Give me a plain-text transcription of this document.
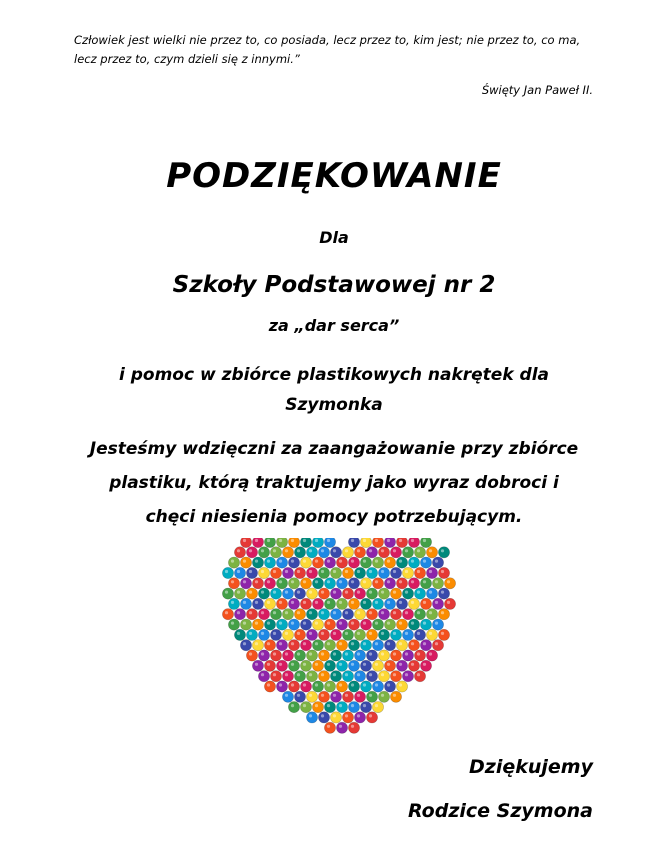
Człowiek jest wielki nie przez to, co posiada, lecz przez to, kim jest; nie przez to, co ma,
lecz przez to, czym dzieli się z innymi.”
Święty Jan Paweł II.
PODZIĘKOWANIE
Dla
Szkoły Podstawowej nr 2
za „dar serca”
i pomoc w zbiórce plastikowych nakrętek dla
Szymonka
Jesteśmy wdzięczni za zaangażowanie przy zbiórce
plastiku, którą traktujemy jako wyraz dobroci i
chęci niesienia pomocy potrzebującym.
Dziękujemy
Rodzice Szymona
